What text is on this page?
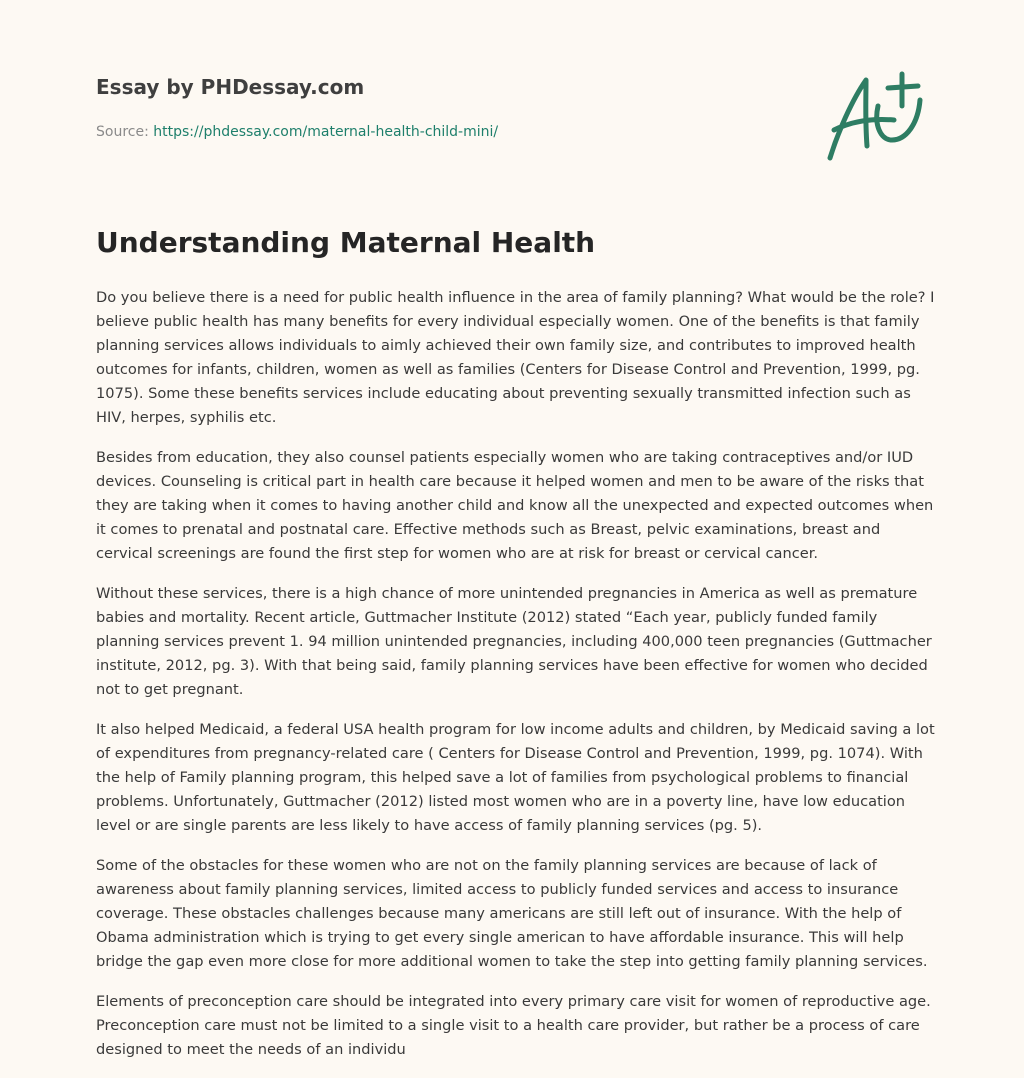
Essay by PHDessay.com
Source: https://phdessay.com/maternal-health-child-mini/
Understanding Maternal Health

Do you believe there is a need for public health influence in the area of family planning? What would be the role? I believe public health has many benefits for every individual especially women. One of the benefits is that family planning services allows individuals to aimly achieved their own family size, and contributes to improved health outcomes for infants, children, women as well as families (Centers for Disease Control and Prevention, 1999, pg. 1075). Some these benefits services include educating about preventing sexually transmitted infection such as HIV, herpes, syphilis etc.

Besides from education, they also counsel patients especially women who are taking contraceptives and/or IUD devices. Counseling is critical part in health care because it helped women and men to be aware of the risks that they are taking when it comes to having another child and know all the unexpected and expected outcomes when it comes to prenatal and postnatal care. Effective methods such as Breast, pelvic examinations, breast and cervical screenings are found the first step for women who are at risk for breast or cervical cancer.

Without these services, there is a high chance of more unintended pregnancies in America as well as premature babies and mortality. Recent article, Guttmacher Institute (2012) stated “Each year, publicly funded family planning services prevent 1. 94 million unintended pregnancies, including 400,000 teen pregnancies (Guttmacher institute, 2012, pg. 3). With that being said, family planning services have been effective for women who decided not to get pregnant.

It also helped Medicaid, a federal USA health program for low income adults and children, by Medicaid saving a lot of expenditures from pregnancy-related care ( Centers for Disease Control and Prevention, 1999, pg. 1074). With the help of Family planning program, this helped save a lot of families from psychological problems to financial problems. Unfortunately, Guttmacher (2012) listed most women who are in a poverty line, have low education level or are single parents are less likely to have access of family planning services (pg. 5).

Some of the obstacles for these women who are not on the family planning services are because of lack of awareness about family planning services, limited access to publicly funded services and access to insurance coverage. These obstacles challenges because many americans are still left out of insurance. With the help of Obama administration which is trying to get every single american to have affordable insurance. This will help bridge the gap even more close for more additional women to take the step into getting family planning services.

Elements of preconception care should be integrated into every primary care visit for women of reproductive age. Preconception care must not be limited to a single visit to a health care provider, but rather be a process of care designed to meet the needs of an individu
